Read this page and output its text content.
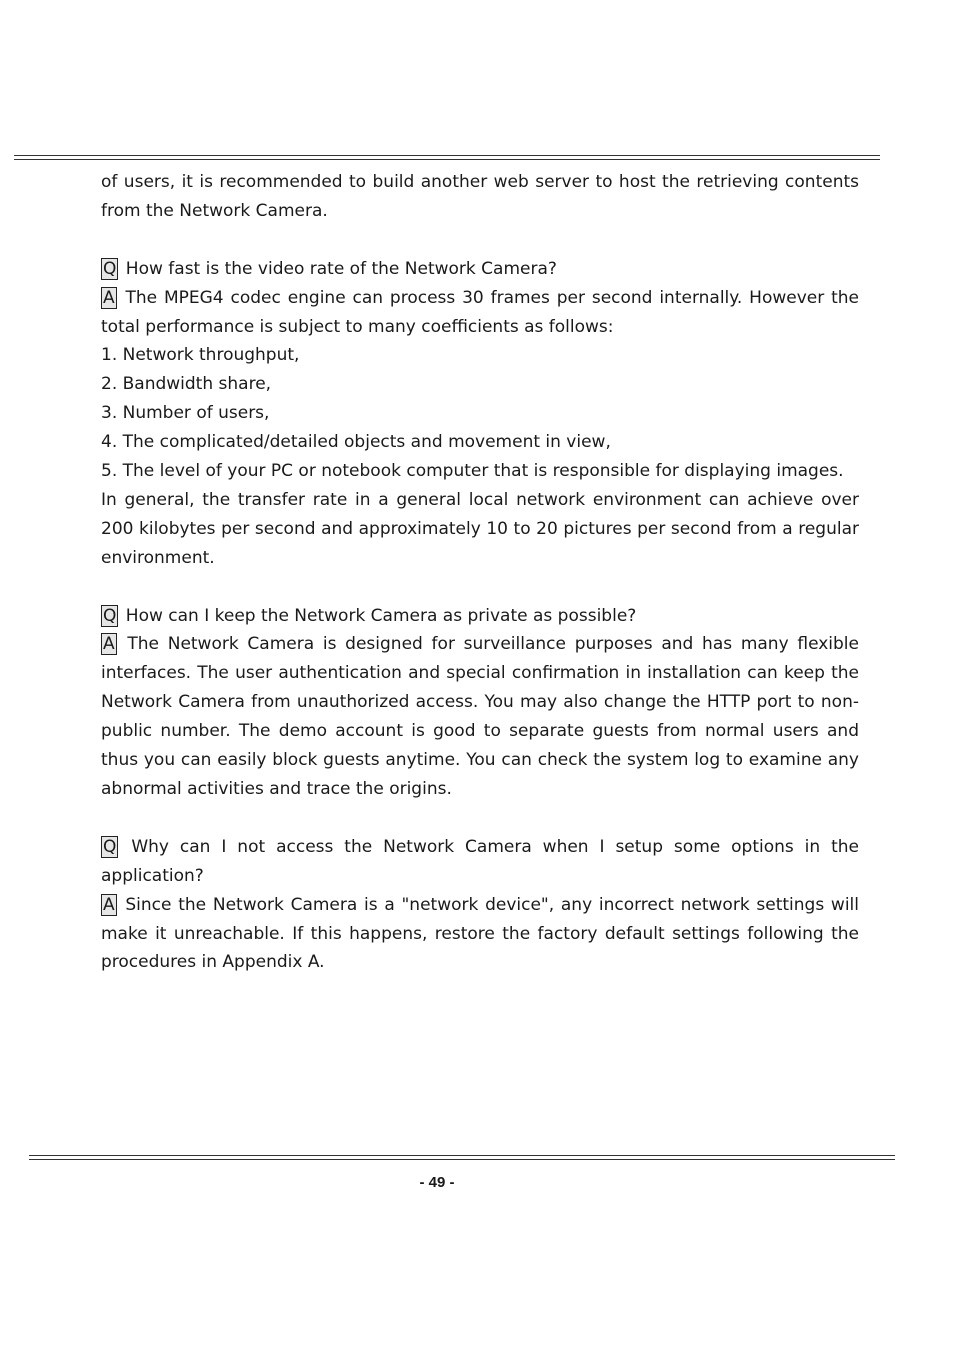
of users, it is recommended to build another web server to host the retrieving contents from the Network Camera.

Q How fast is the video rate of the Network Camera?

A The MPEG4 codec engine can process 30 frames per second internally. However the total performance is subject to many coefficients as follows:

1. Network throughput,
2. Bandwidth share,
3. Number of users,
4. The complicated/detailed objects and movement in view,
5. The level of your PC or notebook computer that is responsible for displaying images.

In general, the transfer rate in a general local network environment can achieve over 200 kilobytes per second and approximately 10 to 20 pictures per second from a regular environment.

Q How can I keep the Network Camera as private as possible?

A The Network Camera is designed for surveillance purposes and has many flexible interfaces. The user authentication and special confirmation in installation can keep the Network Camera from unauthorized access. You may also change the HTTP port to non-public number. The demo account is good to separate guests from normal users and thus you can easily block guests anytime. You can check the system log to examine any abnormal activities and trace the origins.

Q Why can I not access the Network Camera when I setup some options in the application?

A Since the Network Camera is a "network device", any incorrect network settings will make it unreachable. If this happens, restore the factory default settings following the procedures in Appendix A.

- 49 -
